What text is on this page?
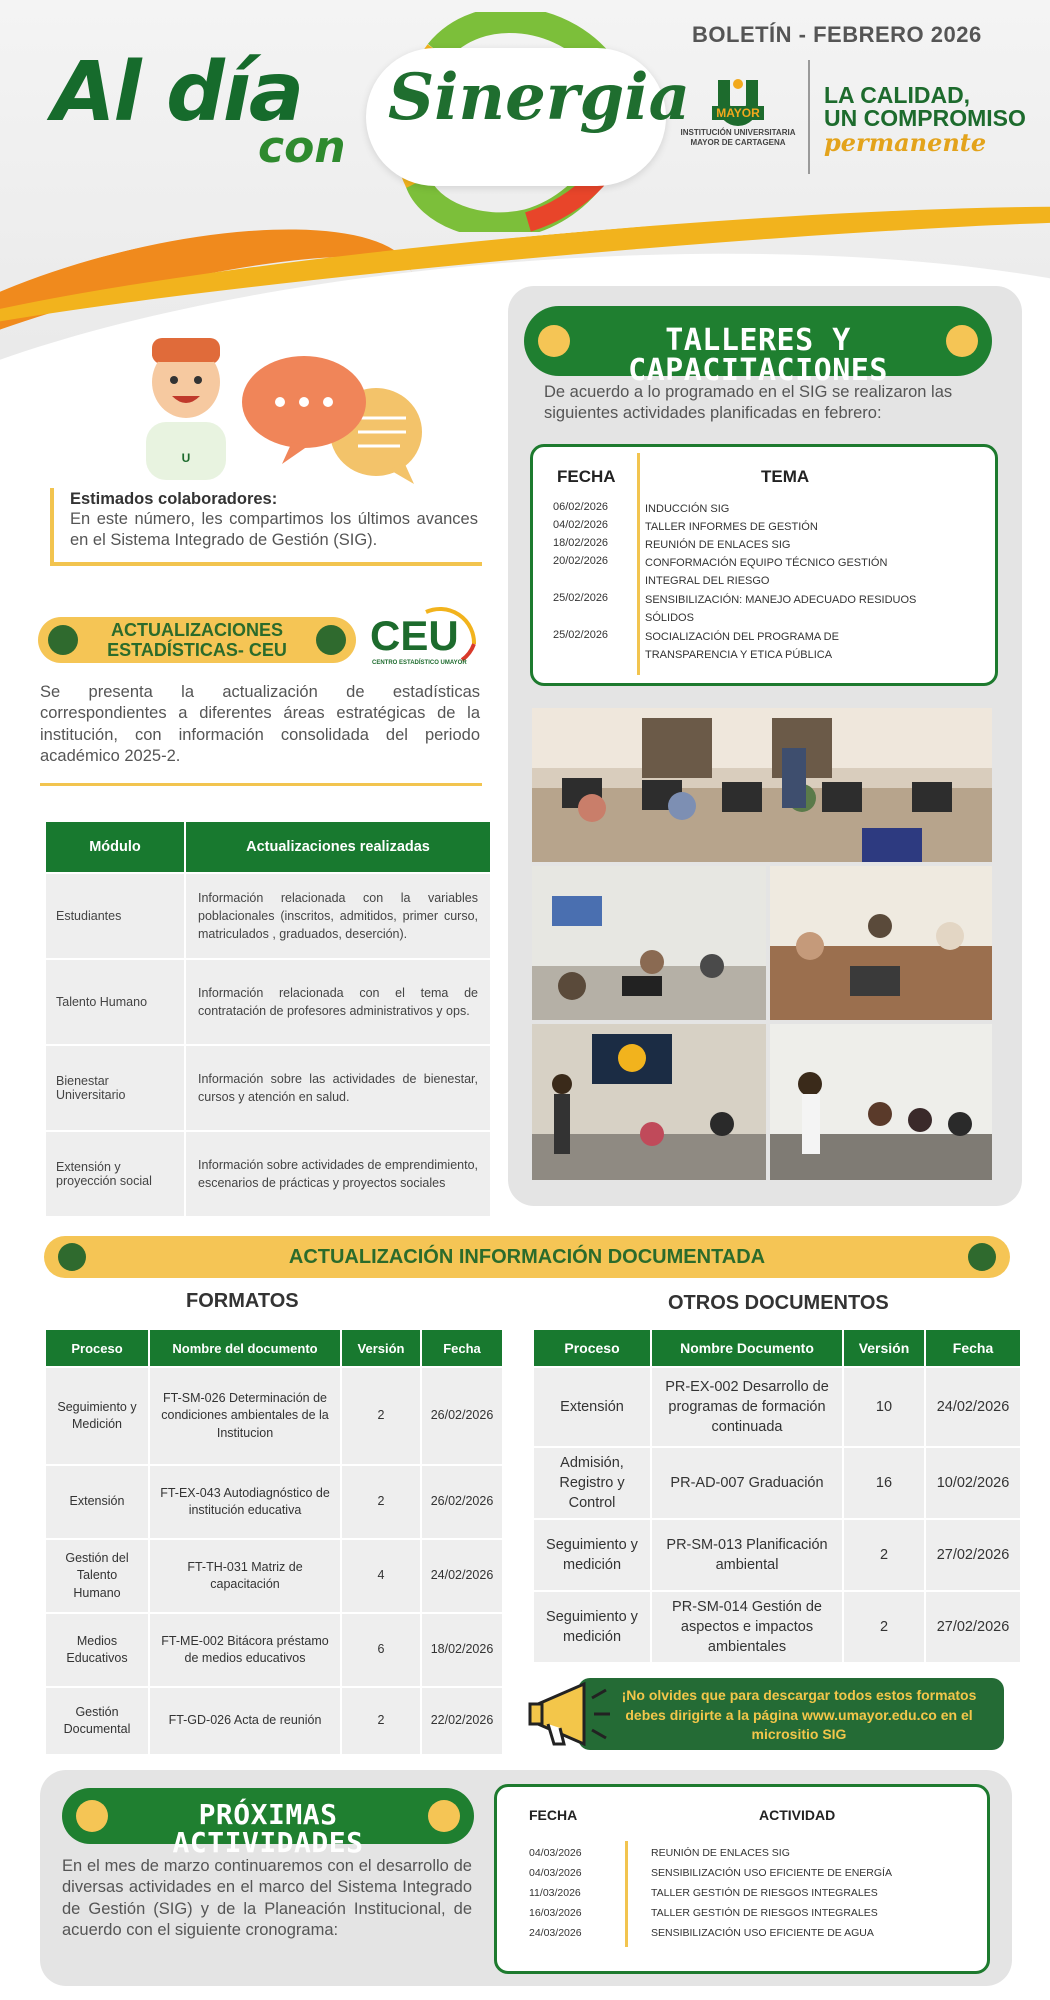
Al día
con
Sinergia
BOLETÍN - FEBRERO 2026
MAYOR
INSTITUCIÓN UNIVERSITARIA MAYOR DE CARTAGENA
LA CALIDAD,
UN COMPROMISO
permanente
U
Estimados colaboradores:
En este número, les compartimos los últimos avances en el Sistema Integrado de Gestión (SIG).
ACTUALIZACIONES
ESTADÍSTICAS- CEU	CEU
CENTRO ESTADÍSTICO UMAYOR
Se presenta la actualización de estadísticas correspondientes a diferentes áreas estratégicas de la institución, con información consolidada del periodo académico 2025-2.
Módulo	Actualizaciones realizadas
Estudiantes	Información relacionada con la variables poblacionales (inscritos, admitidos, primer curso, matriculados , graduados, deserción).
Talento Humano	Información relacionada con el tema de contratación de profesores administrativos y ops.
Bienestar Universitario	Información sobre las actividades de bienestar, cursos y atención en salud.
Extensión y proyección social	Información sobre actividades de emprendimiento, escenarios de prácticas y proyectos sociales
TALLERES Y CAPACITACIONES
De acuerdo a lo programado en el SIG se realizaron las siguientes actividades planificadas en febrero:
FECHA	TEMA
06/02/2026	INDUCCIÓN SIG
04/02/2026	TALLER INFORMES DE GESTIÓN
18/02/2026	REUNIÓN DE ENLACES SIG
20/02/2026	CONFORMACIÓN EQUIPO TÉCNICO GESTIÓN INTEGRAL DEL RIESGO
25/02/2026	SENSIBILIZACIÓN: MANEJO ADECUADO RESIDUOS SÓLIDOS
25/02/2026	SOCIALIZACIÓN DEL PROGRAMA DE TRANSPARENCIA Y ETICA PÚBLICA
ACTUALIZACIÓN INFORMACIÓN DOCUMENTADA
FORMATOS	OTROS DOCUMENTOS
Proceso	Nombre del documento	Versión	Fecha
Seguimiento y Medición	FT-SM-026 Determinación de condiciones ambientales de la Institucion	2	26/02/2026
Extensión	FT-EX-043 Autodiagnóstico de institución educativa	2	26/02/2026
Gestión del Talento Humano	FT-TH-031 Matriz de capacitación	4	24/02/2026
Medios Educativos	FT-ME-002 Bitácora préstamo de medios educativos	6	18/02/2026
Gestión Documental	FT-GD-026 Acta de reunión	2	22/02/2026
Proceso	Nombre Documento	Versión	Fecha
Extensión	PR-EX-002 Desarrollo de programas de formación continuada	10	24/02/2026
Admisión, Registro y Control	PR-AD-007 Graduación	16	10/02/2026
Seguimiento y medición	PR-SM-013 Planificación ambiental	2	27/02/2026
Seguimiento y medición	PR-SM-014 Gestión de aspectos e impactos ambientales	2	27/02/2026
¡No olvides que para descargar todos estos formatos debes dirigirte a la página www.umayor.edu.co en el micrositio SIG
PRÓXIMAS ACTIVIDADES
En el mes de marzo continuaremos con el desarrollo de diversas actividades en el marco del Sistema Integrado de Gestión (SIG) y de la Planeación Institucional, de acuerdo con el siguiente cronograma:
FECHA	ACTIVIDAD
04/03/2026	REUNIÓN DE ENLACES SIG
04/03/2026	SENSIBILIZACIÓN USO EFICIENTE DE ENERGÍA
11/03/2026	TALLER GESTIÓN DE RIESGOS INTEGRALES
16/03/2026	TALLER GESTIÓN DE RIESGOS INTEGRALES
24/03/2026	SENSIBILIZACIÓN USO EFICIENTE DE AGUA
